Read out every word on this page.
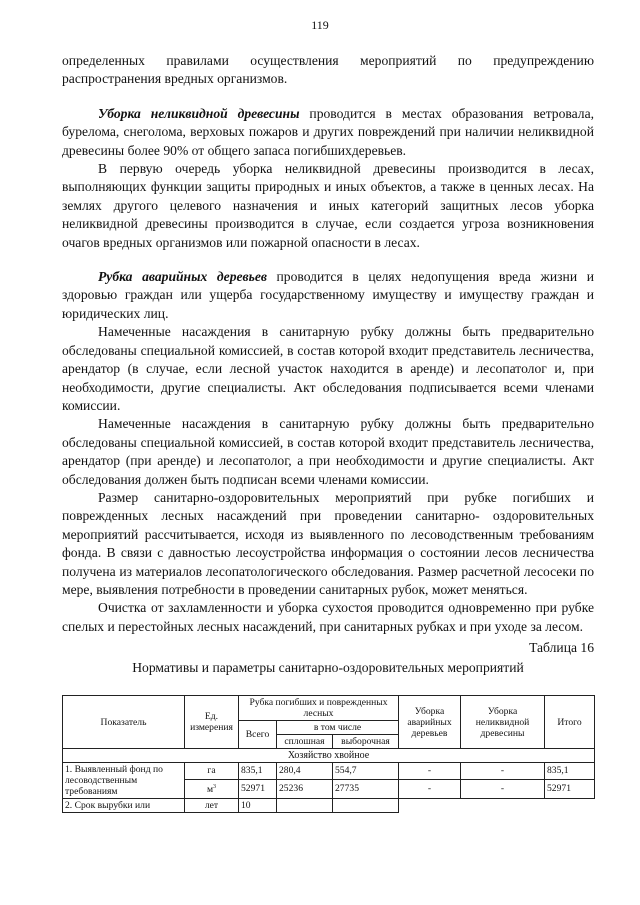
119

определенных правилами осуществления мероприятий по предупреждению распространения вредных организмов.

Уборка неликвидной древесины проводится в местах образования ветровала, бурелома, снеголома, верховых пожаров и других повреждений при наличии неликвидной древесины более 90% от общего запаса погибшихдеревьев.

В первую очередь уборка неликвидной древесины производится в лесах, выполняющих функции защиты природных и иных объектов, а также в ценных лесах. На землях другого целевого назначения и иных категорий защитных лесов уборка неликвидной древесины производится в случае, если создается угроза возникновения очагов вредных организмов или пожарной опасности в лесах.

Рубка аварийных деревьев проводится в целях недопущения вреда жизни и здоровью граждан или ущерба государственному имуществу и имуществу граждан и юридических лиц.

Намеченные насаждения в санитарную рубку должны быть предварительно обследованы специальной комиссией, в состав которой входит представитель лесничества, арендатор (в случае, если лесной участок находится в аренде) и лесопатолог и, при необходимости, другие специалисты. Акт обследования подписывается всеми членами комиссии.

Намеченные насаждения в санитарную рубку должны быть предварительно обследованы специальной комиссией, в состав которой входит представитель лесничества, арендатор (при аренде) и лесопатолог, а при необходимости и другие специалисты. Акт обследования должен быть подписан всеми членами комиссии.

Размер санитарно-оздоровительных мероприятий при рубке погибших и поврежденных лесных насаждений при проведении санитарно- оздоровительных мероприятий рассчитывается, исходя из выявленного по лесоводственным требованиям фонда. В связи с давностью лесоустройства информация о состоянии лесов лесничества получена из материалов лесопатологического обследования. Размер расчетной лесосеки по мере, выявления потребности в проведении санитарных рубок, может меняться.

Очистка от захламленности и уборка сухостоя проводится одновременно при рубке спелых и перестойных лесных насаждений, при санитарных рубках и при уходе за лесом.

Таблица 16
Нормативы и параметры санитарно-оздоровительных мероприятий
Показатель	Ед. измерения	Рубка погибших и поврежденных лесных			Уборка аварийных деревьев	Уборка неликвидной древесины	Итого
		Всего	в том числе				
			сплошная	выборочная			
Хозяйство хвойное							
1. Выявленный фонд по лесоводственным требованиям	га	835,1	280,4	554,7	-	-	835,1
	$м^3$	52971	25236	27735	-	-	52971
2. Срок вырубки или	лет	10					
